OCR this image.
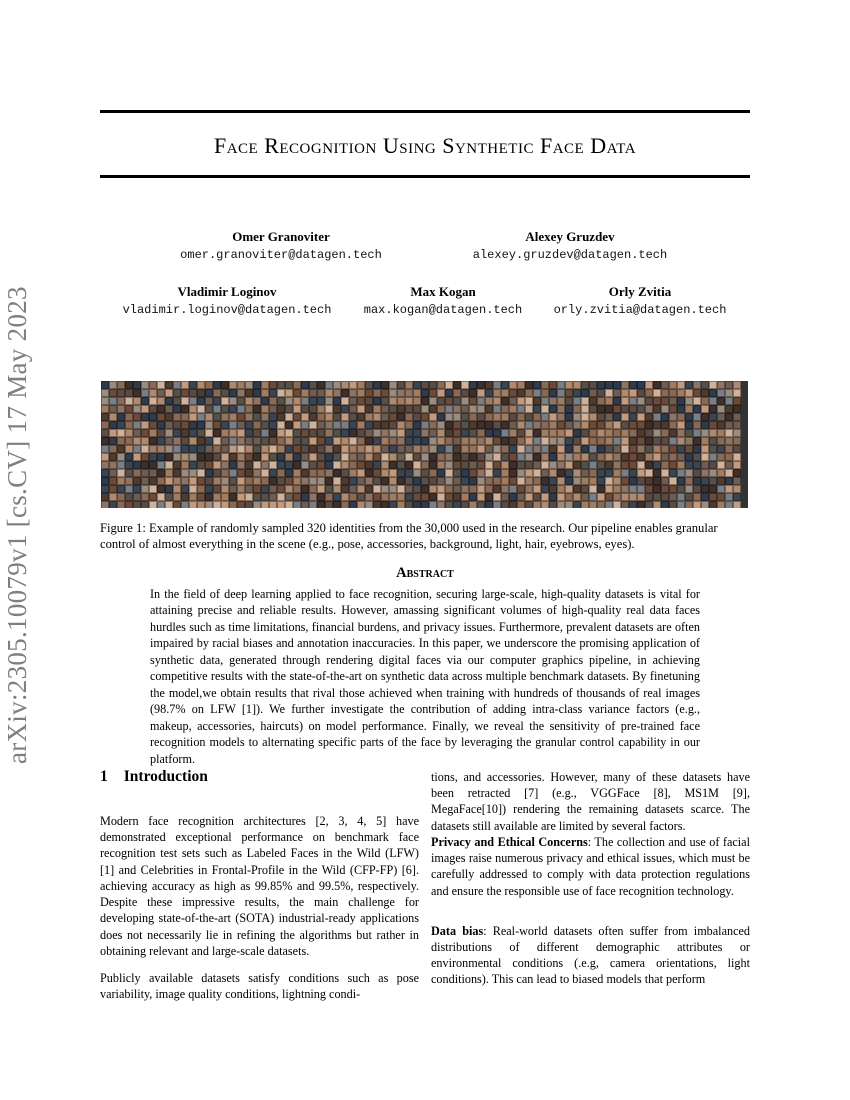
arXiv:2305.10079v1 [cs.CV] 17 May 2023
Face Recognition Using Synthetic Face Data
Omer Granoviter
omer.granoviter@datagen.tech
Alexey Gruzdev
alexey.gruzdev@datagen.tech
Vladimir Loginov
vladimir.loginov@datagen.tech
Max Kogan
max.kogan@datagen.tech
Orly Zvitia
orly.zvitia@datagen.tech
Figure 1: Example of randomly sampled 320 identities from the 30,000 used in the research. Our pipeline enables granular control of almost everything in the scene (e.g., pose, accessories, background, light, hair, eyebrows, eyes).
Abstract
In the field of deep learning applied to face recognition, securing large-scale, high-quality datasets is vital for attaining precise and reliable results. However, amassing significant volumes of high-quality real data faces hurdles such as time limitations, financial burdens, and privacy issues. Furthermore, prevalent datasets are often impaired by racial biases and annotation inaccuracies. In this paper, we underscore the promising application of synthetic data, generated through rendering digital faces via our computer graphics pipeline, in achieving competitive results with the state-of-the-art on synthetic data across multiple benchmark datasets. By finetuning the model,we obtain results that rival those achieved when training with hundreds of thousands of real images (98.7% on LFW [1]). We further investigate the contribution of adding intra-class variance factors (e.g., makeup, accessories, haircuts) on model performance. Finally, we reveal the sensitivity of pre-trained face recognition models to alternating specific parts of the face by leveraging the granular control capability in our platform.
1 Introduction

Modern face recognition architectures [2, 3, 4, 5] have demonstrated exceptional performance on benchmark face recognition test sets such as Labeled Faces in the Wild (LFW) [1] and Celebrities in Frontal-Profile in the Wild (CFP-FP) [6]. achieving accuracy as high as 99.85% and 99.5%, respectively. Despite these impressive results, the main challenge for developing state-of-the-art (SOTA) industrial-ready applications does not necessarily lie in refining the algorithms but rather in obtaining relevant and large-scale datasets.

Publicly available datasets satisfy conditions such as pose variability, image quality conditions, lightning condi-

tions, and accessories. However, many of these datasets have been retracted [7] (e.g., VGGFace [8], MS1M [9], MegaFace[10]) rendering the remaining datasets scarce. The datasets still available are limited by several factors.

Privacy and Ethical Concerns: The collection and use of facial images raise numerous privacy and ethical issues, which must be carefully addressed to comply with data protection regulations and ensure the responsible use of face recognition technology.

Data bias: Real-world datasets often suffer from imbalanced distributions of different demographic attributes or environmental conditions (.e.g, camera orientations, light conditions). This can lead to biased models that perform
